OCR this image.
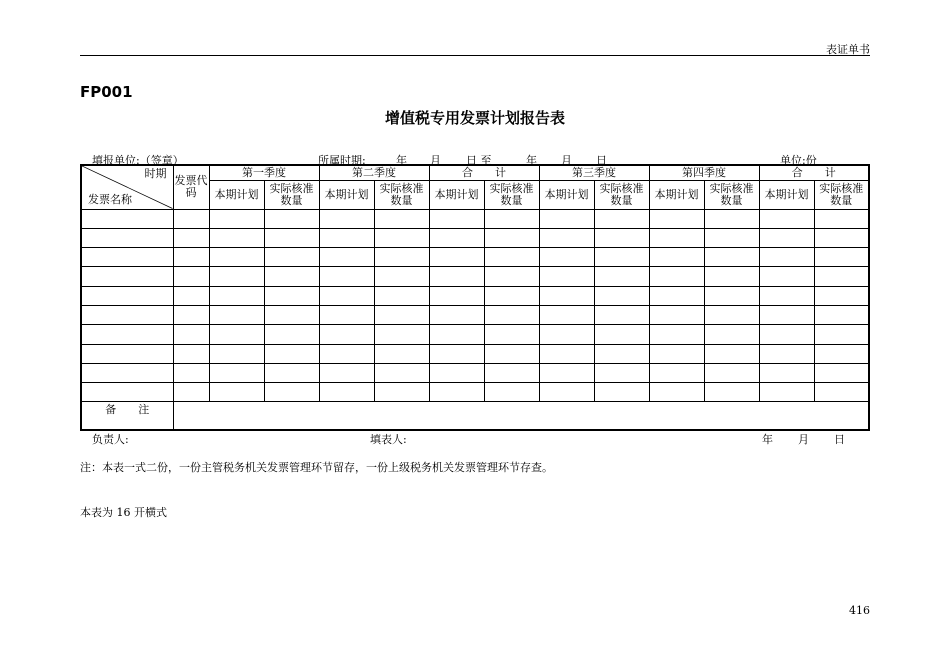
表证单书
FP001
增值税专用发票计划报告表
填报单位:（签章）	所属时期:	年 月 日 至	年 月 日	单位:份
时期
发票名称	发票代码	第一季度		第二季度		合　　计		第三季度		第四季度		合　　计	
		本期计划	实际核准数量	本期计划	实际核准数量	本期计划	实际核准数量	本期计划	实际核准数量	本期计划	实际核准数量	本期计划	实际核准数量

备　　注													
负责人:	填表人:	年 月 日
注：本表一式二份，一份主管税务机关发票管理环节留存，一份上级税务机关发票管理环节存查。
本表为 16 开横式
416
